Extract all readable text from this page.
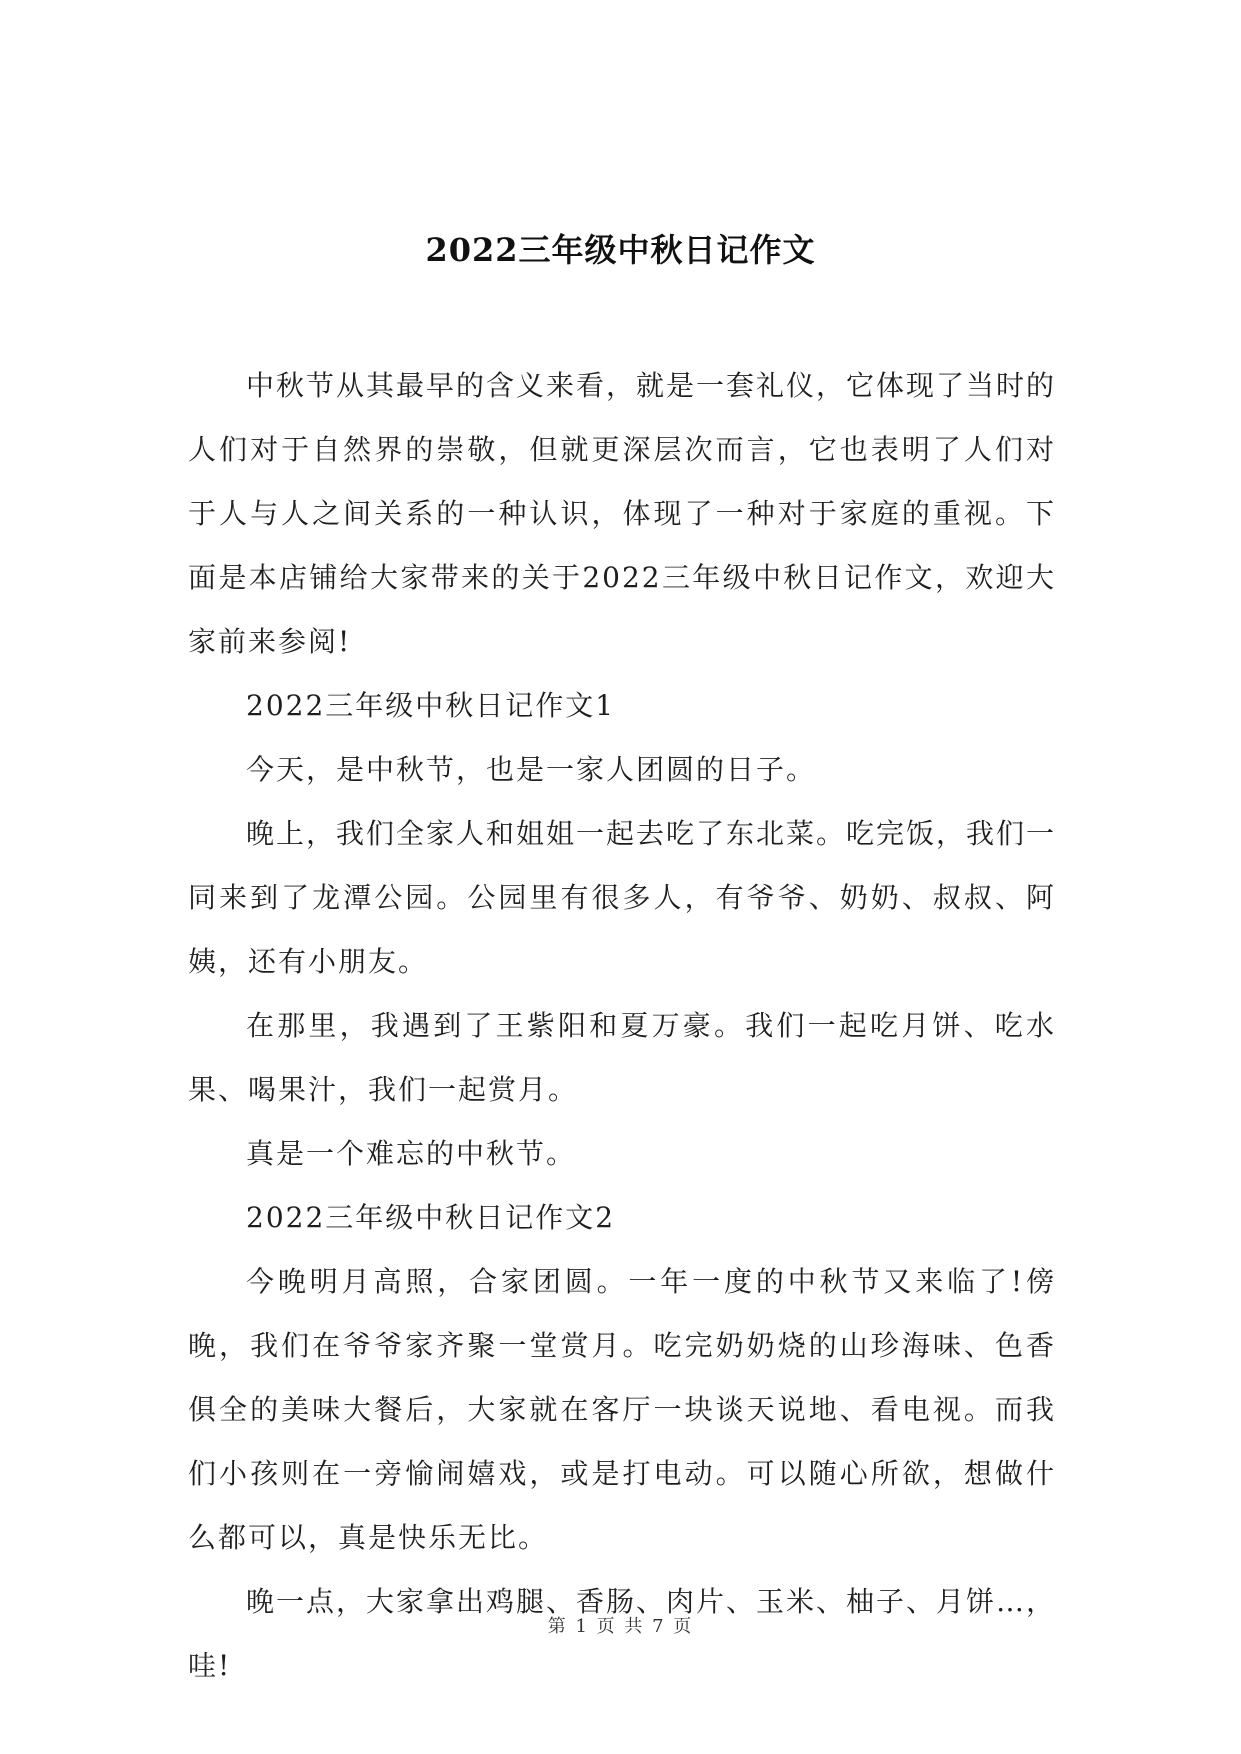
2022三年级中秋日记作文

中秋节从其最早的含义来看，就是一套礼仪，它体现了当时的人们对于自然界的崇敬，但就更深层次而言，它也表明了人们对于人与人之间关系的一种认识，体现了一种对于家庭的重视。下面是本店铺给大家带来的关于2022三年级中秋日记作文，欢迎大家前来参阅!

2022三年级中秋日记作文1

今天，是中秋节，也是一家人团圆的日子。

晚上，我们全家人和姐姐一起去吃了东北菜。吃完饭，我们一同来到了龙潭公园。公园里有很多人，有爷爷、奶奶、叔叔、阿姨，还有小朋友。

在那里，我遇到了王紫阳和夏万豪。我们一起吃月饼、吃水果、喝果汁，我们一起赏月。

真是一个难忘的中秋节。

2022三年级中秋日记作文2

今晚明月高照，合家团圆。一年一度的中秋节又来临了!傍晚，我们在爷爷家齐聚一堂赏月。吃完奶奶烧的山珍海味、色香俱全的美味大餐后，大家就在客厅一块谈天说地、看电视。而我们小孩则在一旁愉闹嬉戏，或是打电动。可以随心所欲，想做什么都可以，真是快乐无比。

晚一点，大家拿出鸡腿、香肠、肉片、玉米、柚子、月饼…，哇!

第 1 页 共 7 页
